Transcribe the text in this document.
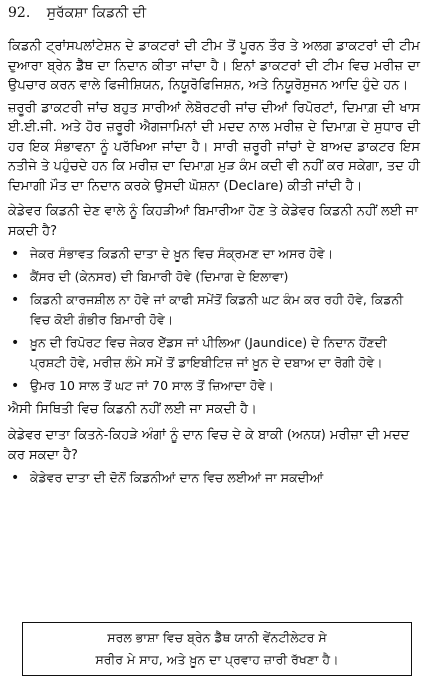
92. ਸੁਰੱਕਸ਼ਾ ਕਿਡਨੀ ਦੀ

ਕਿਡਨੀ ਟ੍ਰਾਂਸਪਲਾਂਟੇਸ਼ਨ ਦੇ ਡਾਕਟਰਾਂ ਦੀ ਟੀਮ ਤੋਂ ਪੂਰਨ ਤੌਰ ਤੇ ਅਲਗ ਡਾਕਟਰਾਂ ਦੀ ਟੀਮ ਦੁਆਰਾ ਬ੍ਰੇਨ ਡੈੱਥ ਦਾ ਨਿਦਾਨ ਕੀਤਾ ਜਾਂਦਾ ਹੈ। ਇਨਾਂ ਡਾਕਟਰਾਂ ਦੀ ਟੀਮ ਵਿਚ ਮਰੀਜ਼ ਦਾ ਉਪਚਾਰ ਕਰਨ ਵਾਲੇ ਫਿਜੀਸ਼ਿਯਨ, ਨਿਯੂਰੋਫਿਜਿਸ਼ਨ, ਅਤੇ ਨਿਯੂਰੋਸੁਜਨ ਆਦਿ ਹੁੰਦੇ ਹਨ।

ਜ਼ਰੂਰੀ ਡਾਕਟਰੀ ਜਾਂਚ ਬਹੁਤ ਸਾਰੀਆਂ ਲੇਬੋਰਟਰੀ ਜਾਂਚ ਦੀਆਂ ਰਿਪੋਰਟਾਂ, ਦਿਮਾਗ਼ ਦੀ ਖਾਸ ਈ.ਈ.ਜੀ. ਅਤੇ ਹੋਰ ਜ਼ਰੂਰੀ ਐਗਜਾਮਿਨਾਂ ਦੀ ਮਦਦ ਨਾਲ ਮਰੀਜ਼ ਦੇ ਦਿਮਾਗ਼ ਦੇ ਸੁਧਾਰ ਦੀ ਹਰ ਇਕ ਸੰਭਾਵਨਾ ਨੂੰ ਪਰੱਖਿਆ ਜਾਂਦਾ ਹੈ। ਸਾਰੀ ਜ਼ਰੂਰੀ ਜਾਂਚਾਂ ਦੇ ਬਾਅਦ ਡਾਕਟਰ ਇਸ ਨਤੀਜੇ ਤੇ ਪਹੁੰਚਦੇ ਹਨ ਕਿ ਮਰੀਜ਼ ਦਾ ਦਿਮਾਗ਼ ਮੁੜ ਕੰਮ ਕਦੀ ਵੀ ਨਹੀਂ ਕਰ ਸਕੇਗਾ, ਤਦ ਹੀ ਦਿਮਾਗੀ ਮੌਤ ਦਾ ਨਿਦਾਨ ਕਰਕੇ ਉਸਦੀ ਘੋਸ਼ਨਾ (Declare) ਕੀਤੀ ਜਾਂਦੀ ਹੈ।

ਕੇਡੇਵਰ ਕਿਡਨੀ ਦੇਣ ਵਾਲੇ ਨੂੰ ਕਿਹੜੀਆਂ ਬਿਮਾਰੀਆ ਹੋਣ ਤੇ ਕੇਡੇਵਰ ਕਿਡਨੀ ਨਹੀਂ ਲਈ ਜਾ ਸਕਦੀ ਹੈ?
• ਜੇਕਰ ਸੰਭਾਵਤ ਕਿਡਨੀ ਦਾਤਾ ਦੇ ਖ਼ੂਨ ਵਿਚ ਸੰਕ੍ਰਮਣ ਦਾ ਅਸਰ ਹੋਵੇ।
• ਕੈਂਸਰ ਦੀ (ਕੇਨਸਰ) ਦੀ ਬਿਮਾਰੀ ਹੋਵੇ (ਦਿਮਾਗ ਦੇ ਇਲਾਵਾ)
• ਕਿਡਨੀ ਕਾਰਜਸ਼ੀਲ ਨਾ ਹੋਵੇ ਜਾਂ ਕਾਫੀ ਸਮੇਂਤੋਂ ਕਿਡਨੀ ਘਟ ਕੰਮ ਕਰ ਰਹੀ ਹੋਵੇ, ਕਿਡਨੀ ਵਿਚ ਕੋਈ ਗੰਭੀਰ ਬਿਮਾਰੀ ਹੋਵੇ।
• ਖ਼ੂਨ ਦੀ ਰਿਪੋਰਟ ਵਿਚ ਜੇਕਰ ਏੱਡਸ ਜਾਂ ਪੀਲਿਆ (Jaundice) ਦੇ ਨਿਦਾਨ ਹੋਂਣਦੀ ਪ੍ਰਸ਼ਟੀ ਹੋਵੇ, ਮਰੀਜ਼ ਲੰਮੇ ਸਮੇਂ ਤੋਂ ਡਾਇਬੀਟਿਜ਼ ਜਾਂ ਖ਼ੂਨ ਦੇ ਦਬਾਅ ਦਾ ਰੋਗੀ ਹੋਵੇ।
• ਉਮਰ 10 ਸਾਲ ਤੋਂ ਘਟ ਜਾਂ 70 ਸਾਲ ਤੋਂ ਜ਼ਿਆਦਾ ਹੋਵੇ।
ਐਸੀ ਸਿਥਿਤੀ ਵਿਚ ਕਿਡਨੀ ਨਹੀਂ ਲਈ ਜਾ ਸਕਦੀ ਹੈ।
ਕੇਡੇਵਰ ਦਾਤਾ ਕਿਤਨੇ-ਕਿਹੜੇ ਅੰਗਾਂ ਨੂੰ ਦਾਨ ਵਿਚ ਦੇ ਕੇ ਬਾਕੀ (ਅਨਯ) ਮਰੀਜ਼ਾ ਦੀ ਮਦਦ ਕਰ ਸਕਦਾ ਹੈ?
• ਕੇਡੇਵਰ ਦਾਤਾ ਦੀ ਦੋਨੋਂ ਕਿਡਨੀਆਂ ਦਾਨ ਵਿਚ ਲਈਆਂ ਜਾ ਸਕਦੀਆਂ
ਸਰਲ ਭਾਸ਼ਾ ਵਿਚ ਬ੍ਰੇਨ ਡੈੱਥ ਯਾਨੀ ਵੇਂਨਟੀਲੇਟਰ ਸੇ
ਸਰੀਰ ਮੇ ਸਾਹ, ਅਤੇ ਖ਼ੂਨ ਦਾ ਪ੍ਰਵਾਹ ਜ਼ਾਰੀ ਰੱਖਣਾ ਹੈ।
